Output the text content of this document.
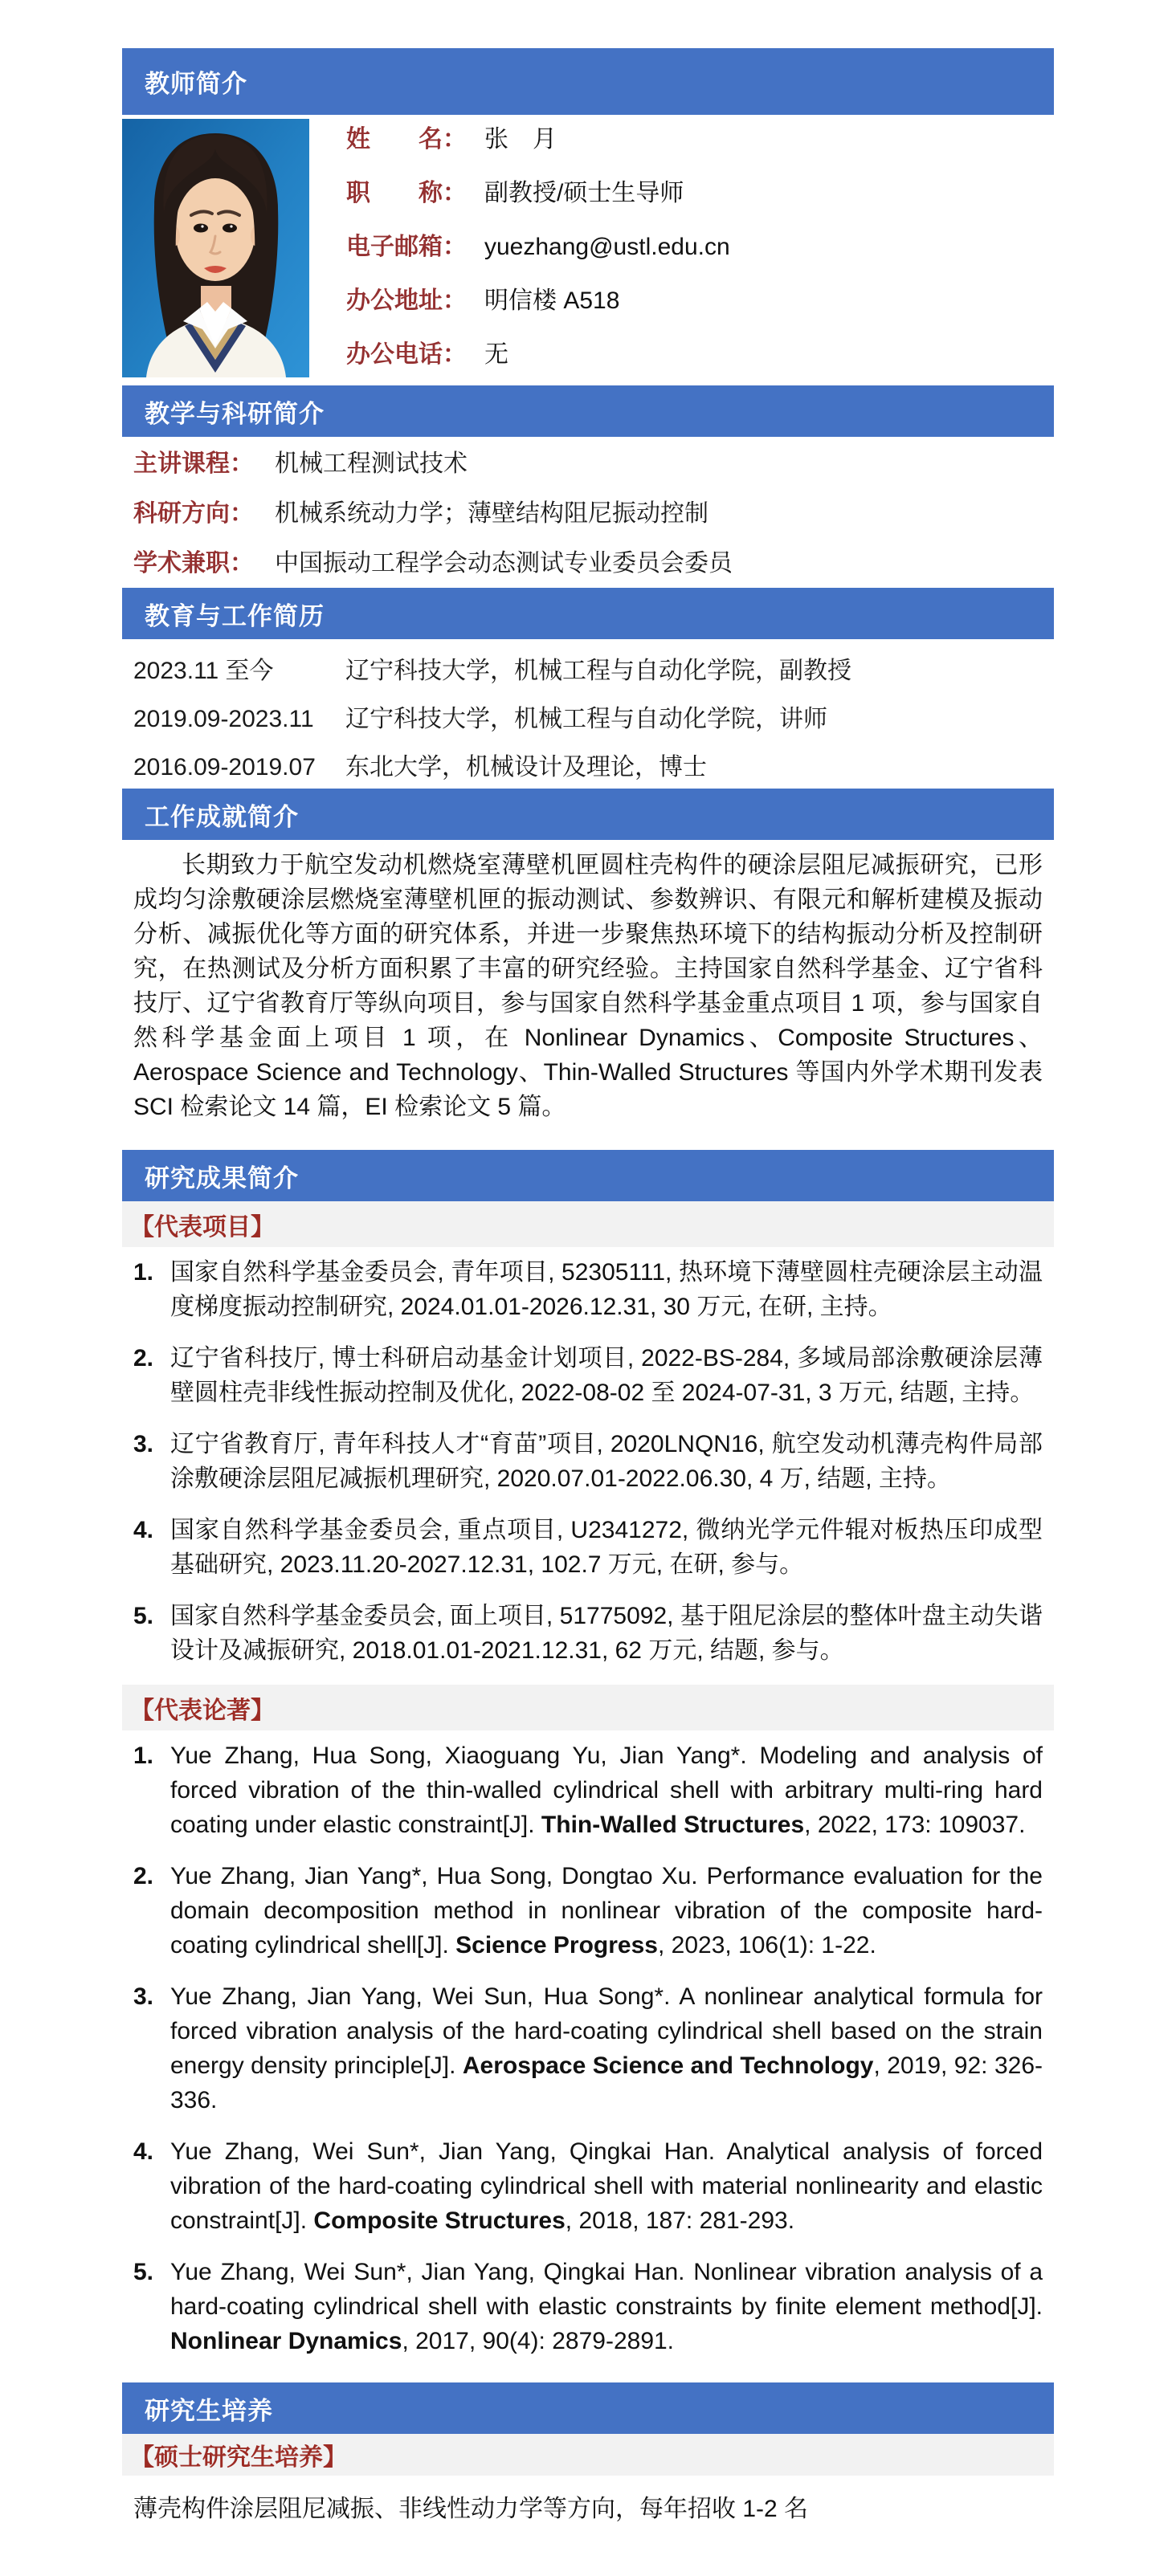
教师简介
姓　　名： 张　月
职　　称： 副教授/硕士生导师
电子邮箱： yuezhang@ustl.edu.cn
办公地址： 明信楼 A518
办公电话： 无
教学与科研简介
主讲课程： 机械工程测试技术
科研方向： 机械系统动力学；薄壁结构阻尼振动控制
学术兼职： 中国振动工程学会动态测试专业委员会委员
教育与工作简历
2023.11 至今	辽宁科技大学，机械工程与自动化学院，副教授
2019.09-2023.11 辽宁科技大学，机械工程与自动化学院，讲师
2016.09-2019.07 东北大学，机械设计及理论，博士
工作成就简介

长期致力于航空发动机燃烧室薄壁机匣圆柱壳构件的硬涂层阻尼减振研究，已形成均匀涂敷硬涂层燃烧室薄壁机匣的振动测试、参数辨识、有限元和解析建模及振动分析、减振优化等方面的研究体系，并进一步聚焦热环境下的结构振动分析及控制研究，在热测试及分析方面积累了丰富的研究经验。主持国家自然科学基金、辽宁省科技厅、辽宁省教育厅等纵向项目，参与国家自然科学基金重点项目 1 项，参与国家自然科学基金面上项目 1 项，在 Nonlinear Dynamics、Composite Structures、Aerospace Science and Technology、Thin-Walled Structures 等国内外学术期刊发表 SCI 检索论文 14 篇，EI 检索论文 5 篇。

研究成果简介
【代表项目】
1. 国家自然科学基金委员会, 青年项目, 52305111, 热环境下薄壁圆柱壳硬涂层主动温度梯度振动控制研究, 2024.01.01-2026.12.31, 30 万元, 在研, 主持。
2. 辽宁省科技厅, 博士科研启动基金计划项目, 2022-BS-284, 多域局部涂敷硬涂层薄壁圆柱壳非线性振动控制及优化, 2022-08-02 至 2024-07-31, 3 万元, 结题, 主持。
3. 辽宁省教育厅, 青年科技人才“育苗”项目, 2020LNQN16, 航空发动机薄壳构件局部涂敷硬涂层阻尼减振机理研究, 2020.07.01-2022.06.30, 4 万, 结题, 主持。
4. 国家自然科学基金委员会, 重点项目, U2341272, 微纳光学元件辊对板热压印成型基础研究, 2023.11.20-2027.12.31, 102.7 万元, 在研, 参与。
5. 国家自然科学基金委员会, 面上项目, 51775092, 基于阻尼涂层的整体叶盘主动失谐设计及减振研究, 2018.01.01-2021.12.31, 62 万元, 结题, 参与。
【代表论著】
1. Yue Zhang, Hua Song, Xiaoguang Yu, Jian Yang*. Modeling and analysis of forced vibration of the thin-walled cylindrical shell with arbitrary multi-ring hard coating under elastic constraint[J]. Thin-Walled Structures, 2022, 173: 109037.
2. Yue Zhang, Jian Yang*, Hua Song, Dongtao Xu. Performance evaluation for the domain decomposition method in nonlinear vibration of the composite hard-coating cylindrical shell[J]. Science Progress, 2023, 106(1): 1-22.
3. Yue Zhang, Jian Yang, Wei Sun, Hua Song*. A nonlinear analytical formula for forced vibration analysis of the hard-coating cylindrical shell based on the strain energy density principle[J]. Aerospace Science and Technology, 2019, 92: 326-336.
4. Yue Zhang, Wei Sun*, Jian Yang, Qingkai Han. Analytical analysis of forced vibration of the hard-coating cylindrical shell with material nonlinearity and elastic constraint[J]. Composite Structures, 2018, 187: 281-293.
5. Yue Zhang, Wei Sun*, Jian Yang, Qingkai Han. Nonlinear vibration analysis of a hard-coating cylindrical shell with elastic constraints by finite element method[J]. Nonlinear Dynamics, 2017, 90(4): 2879-2891.
研究生培养
【硕士研究生培养】

薄壳构件涂层阻尼减振、非线性动力学等方向，每年招收 1-2 名
